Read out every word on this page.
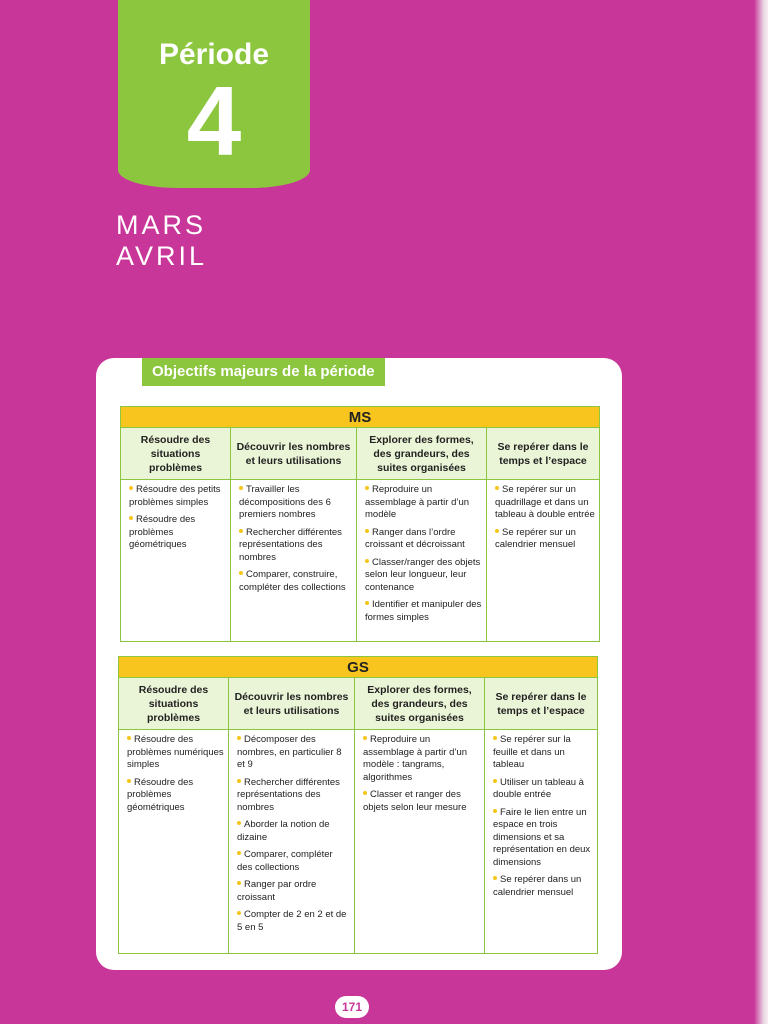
Période
4
MARS
AVRIL
Objectifs majeurs de la période
MS
Résoudre des situations problèmes
Découvrir les nombres et leurs utilisations
Explorer des formes, des grandeurs, des suites organisées
Se repérer dans le temps et l’espace
Résoudre des petits problèmes simples
Résoudre des problèmes géométriques
Travailler les décompositions des 6 premiers nombres
Rechercher différentes représentations des nombres
Comparer, construire, compléter des collections
Reproduire un assemblage à partir d’un modèle
Ranger dans l’ordre croissant et décroissant
Classer/ranger des objets selon leur longueur, leur contenance
Identifier et manipuler des formes simples
Se repérer sur un quadrillage et dans un tableau à double entrée
Se repérer sur un calendrier mensuel
GS
Résoudre des situations problèmes
Découvrir les nombres et leurs utilisations
Explorer des formes, des grandeurs, des suites organisées
Se repérer dans le temps et l’espace
Résoudre des problèmes numériques simples
Résoudre des problèmes géométriques
Décomposer des nombres, en particulier 8 et 9
Rechercher différentes représentations des nombres
Aborder la notion de dizaine
Comparer, compléter des collections
Ranger par ordre croissant
Compter de 2 en 2 et de 5 en 5
Reproduire un assemblage à partir d’un modèle : tangrams, algorithmes
Classer et ranger des objets selon leur mesure
Se repérer sur la feuille et dans un tableau
Utiliser un tableau à double entrée
Faire le lien entre un espace en trois dimensions et sa représentation en deux dimensions
Se repérer dans un calendrier mensuel
171
